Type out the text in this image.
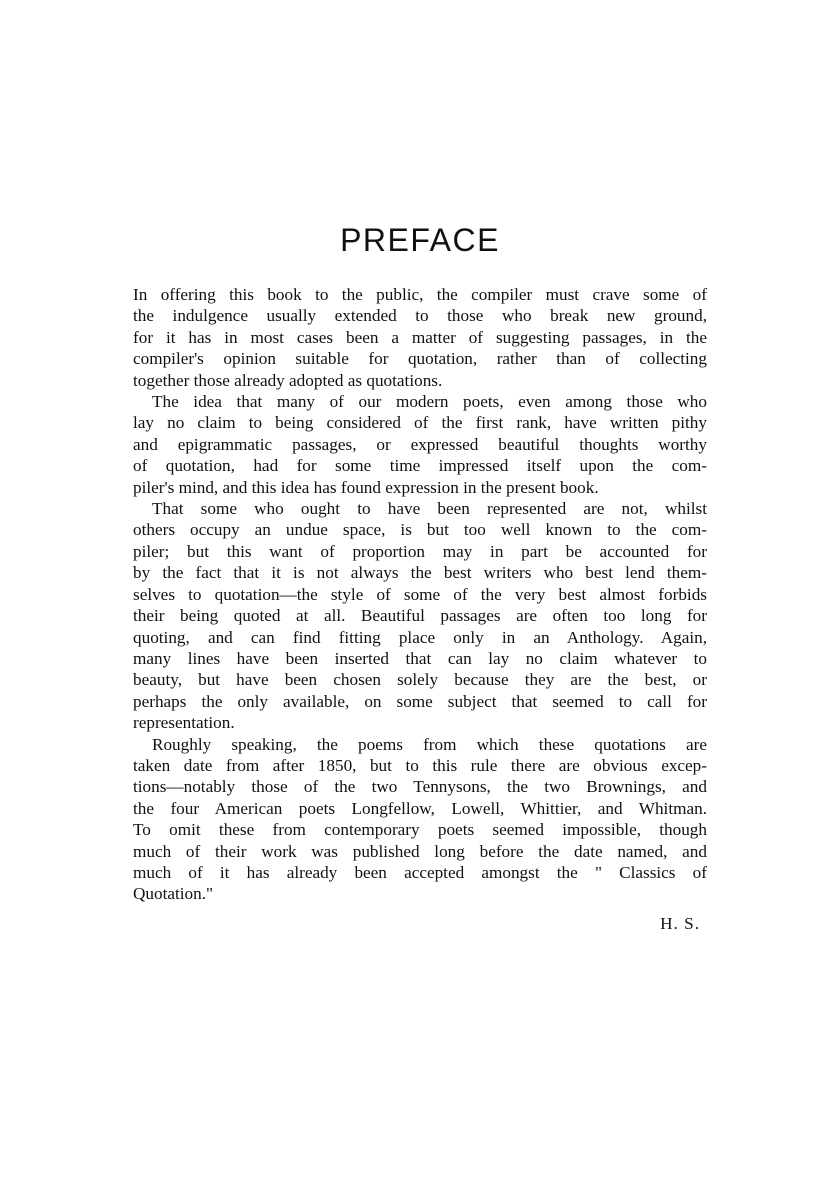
PREFACE
In offering this book to the public, the compiler must crave some of
the indulgence usually extended to those who break new ground,
for it has in most cases been a matter of suggesting passages, in the
compiler's opinion suitable for quotation, rather than of collecting
together those already adopted as quotations.
The idea that many of our modern poets, even among those who
lay no claim to being considered of the first rank, have written pithy
and epigrammatic passages, or expressed beautiful thoughts worthy
of quotation, had for some time impressed itself upon the com-
piler's mind, and this idea has found expression in the present book.
That some who ought to have been represented are not, whilst
others occupy an undue space, is but too well known to the com-
piler; but this want of proportion may in part be accounted for
by the fact that it is not always the best writers who best lend them-
selves to quotation—the style of some of the very best almost forbids
their being quoted at all. Beautiful passages are often too long for
quoting, and can find fitting place only in an Anthology. Again,
many lines have been inserted that can lay no claim whatever to
beauty, but have been chosen solely because they are the best, or
perhaps the only available, on some subject that seemed to call for
representation.
Roughly speaking, the poems from which these quotations are
taken date from after 1850, but to this rule there are obvious excep-
tions—notably those of the two Tennysons, the two Brownings, and
the four American poets Longfellow, Lowell, Whittier, and Whitman.
To omit these from contemporary poets seemed impossible, though
much of their work was published long before the date named, and
much of it has already been accepted amongst the " Classics of
Quotation."

H. S.
